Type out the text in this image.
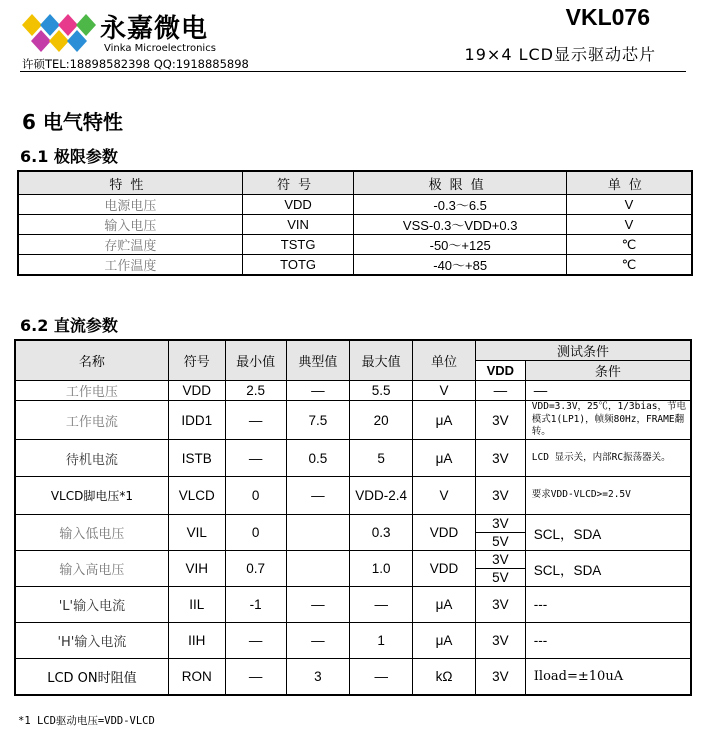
永嘉微电
Vinka Microelectronics
许硕TEL:18898582398 QQ:1918885898
VKL076
19×4 LCD显示驱动芯片
6 电气特性
6.1 极限参数
特性	符号	极限值	单位
电源电压	VDD	-0.3～6.5	V
输入电压	VIN	VSS-0.3～VDD+0.3	V
存贮温度	TSTG	-50～+125	℃
工作温度	TOTG	-40～+85	℃
6.2 直流参数
名称	符号	最小值	典型值	最大值	单位	测试条件	
						VDD	条件
工作电压	VDD	2.5	—	5.5	V	—	—
工作电流	IDD1	—	7.5	20	μA	3V	VDD=3.3V，25℃，1/3bias，节电模式1(LP1)，帧频80Hz，FRAME翻转。
待机电流	ISTB	—	0.5	5	μA	3V	LCD 显示关，内部RC振荡器关。
VLCD脚电压*1	VLCD	0	—	VDD-2.4	V	3V	要求VDD-VLCD>=2.5V
输入低电压	VIL	0		0.3	VDD	3V	SCL，SDA
						5V	
输入高电压	VIH	0.7		1.0	VDD	3V	SCL，SDA
						5V	
'L'输入电流	IIL	-1	—	—	μA	3V	---
'H'输入电流	IIH	—	—	1	μA	3V	---
LCD ON时阻值	RON	—	3	—	kΩ	3V	Iload=±10uA
*1 LCD驱动电压=VDD-VLCD
